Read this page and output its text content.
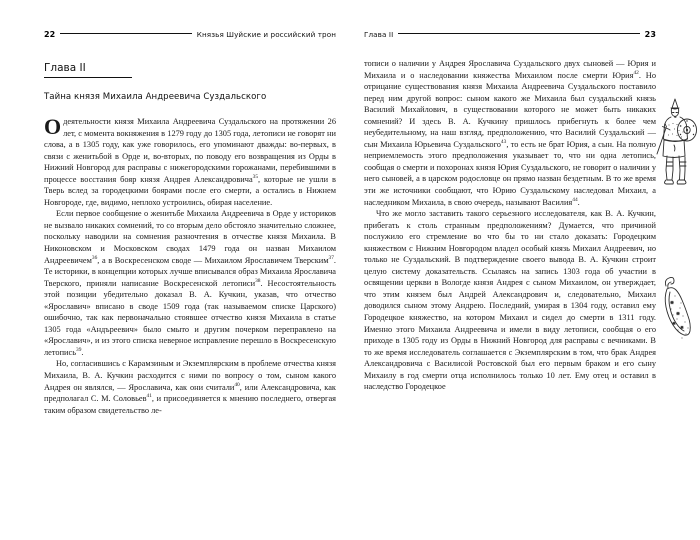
22	Князья Шуйские и российский трон
Глава II
Тайна князя Михаила Андреевича Суздальского

О деятельности князя Михаила Андреевича Суздальского на протяжении 26 лет, с момента вокняжения в 1279 году до 1305 года, летописи не говорят ни слова, а в 1305 году, как уже говорилось, его упоминают дважды: во-первых, в связи с женитьбой в Орде и, во-вторых, по поводу его возвращения из Орды в Нижний Новгород для расправы с нижегородскими горожанами, перебившими в процессе восстания бояр князя Андрея Александровича$^{35}$, которые не ушли в Тверь вслед за городецкими боярами после его смерти, а остались в Нижнем Новгороде, где, видимо, неплохо устроились, обирая население.

Если первое сообщение о женитьбе Михаила Андреевича в Орде у историков не вызвало никаких сомнений, то со вторым дело обстояло значительно сложнее, поскольку наводили на сомнения разночтения в отчестве князя Михаила. В Никоновском и Московском сводах 1479 года он назван Михаилом Андреевичем$^{36}$, а в Воскресенском своде — Михаилом Ярославичем Тверским$^{37}$. Те историки, в концепции которых лучше вписывался образ Михаила Ярославича Тверского, приняли написание Воскресенской летописи$^{38}$. Несостоятельность этой позиции убедительно доказал В. А. Кучкин, указав, что отчество «Ярославич» вписано в своде 1509 года (так называемом списке Царского) ошибочно, так как первоначально стоявшее отчество князя Михаила в статье 1305 года «Андъреевич» было смыто и другим почерком переправлено на «Ярославич», и из этого списка неверное исправление перешло в Воскресенскую летопись$^{39}$.

Но, согласившись с Карамзиным и Экземплярским в проблеме отчества князя Михаила, В. А. Кучкин расходится с ними по вопросу о том, сыном какого Андрея он являлся, — Ярославича, как они считали$^{40}$, или Александровича, как предполагал С. М. Соловьев$^{41}$, и присоединяется к мнению последнего, отвергая таким образом свидетельство ле-

Глава II	23

тописи о наличии у Андрея Ярославича Суздальского двух сыновей — Юрия и Михаила и о наследовании княжества Михаилом после смерти Юрия$^{42}$. Но отрицание существования князя Михаила Андреевича Суздальского поставило перед ним другой вопрос: сыном какого же Михаила был суздальский князь Василий Михайлович, в существовании которого не может быть никаких сомнений? И здесь В. А. Кучкину пришлось прибегнуть к более чем неубедительному, на наш взгляд, предположению, что Василий Суздальский — сын Михаила Юрьевича Суздальского$^{43}$, то есть не брат Юрия, а сын. На полную неприемлемость этого предположения указывает то, что ни одна летопись, сообщая о смерти и похоронах князя Юрия Суздальского, не говорит о наличии у него сыновей, а в царском родословце он прямо назван бездетным. В то же время эти же источники сообщают, что Юрию Суздальскому наследовал Михаил, а наследником Михаила, в свою очередь, называют Василия$^{44}$.

Что же могло заставить такого серьезного исследователя, как В. А. Кучкин, прибегать к столь странным предположениям? Думается, что причиной послужило его стремление во что бы то ни стало доказать: Городецким княжеством с Нижним Новгородом владел особый князь Михаил Андреевич, но только не Суздальский. В подтверждение своего вывода В. А. Кучкин строит целую систему доказательств. Ссылаясь на запись 1303 года об участии в освящении церкви в Вологде князя Андрея с сыном Михаилом, он утверждает, что этим князем был Андрей Александрович и, следовательно, Михаил доводился сыном этому Андрею. Последний, умирая в 1304 году, оставил ему Городецкое княжество, на котором Михаил и сидел до смерти в 1311 году. Именно этого Михаила Андреевича и имели в виду летописи, сообщая о его приходе в 1305 году из Орды в Нижний Новгород для расправы с вечниками. В то же время исследователь соглашается с Экземплярским в том, что брак Андрея Александровича с Василисой Ростовской был его первым браком и его сыну Михаилу в год смерти отца исполнилось только 10 лет. Ему отец и оставил в наследство Городецкое
